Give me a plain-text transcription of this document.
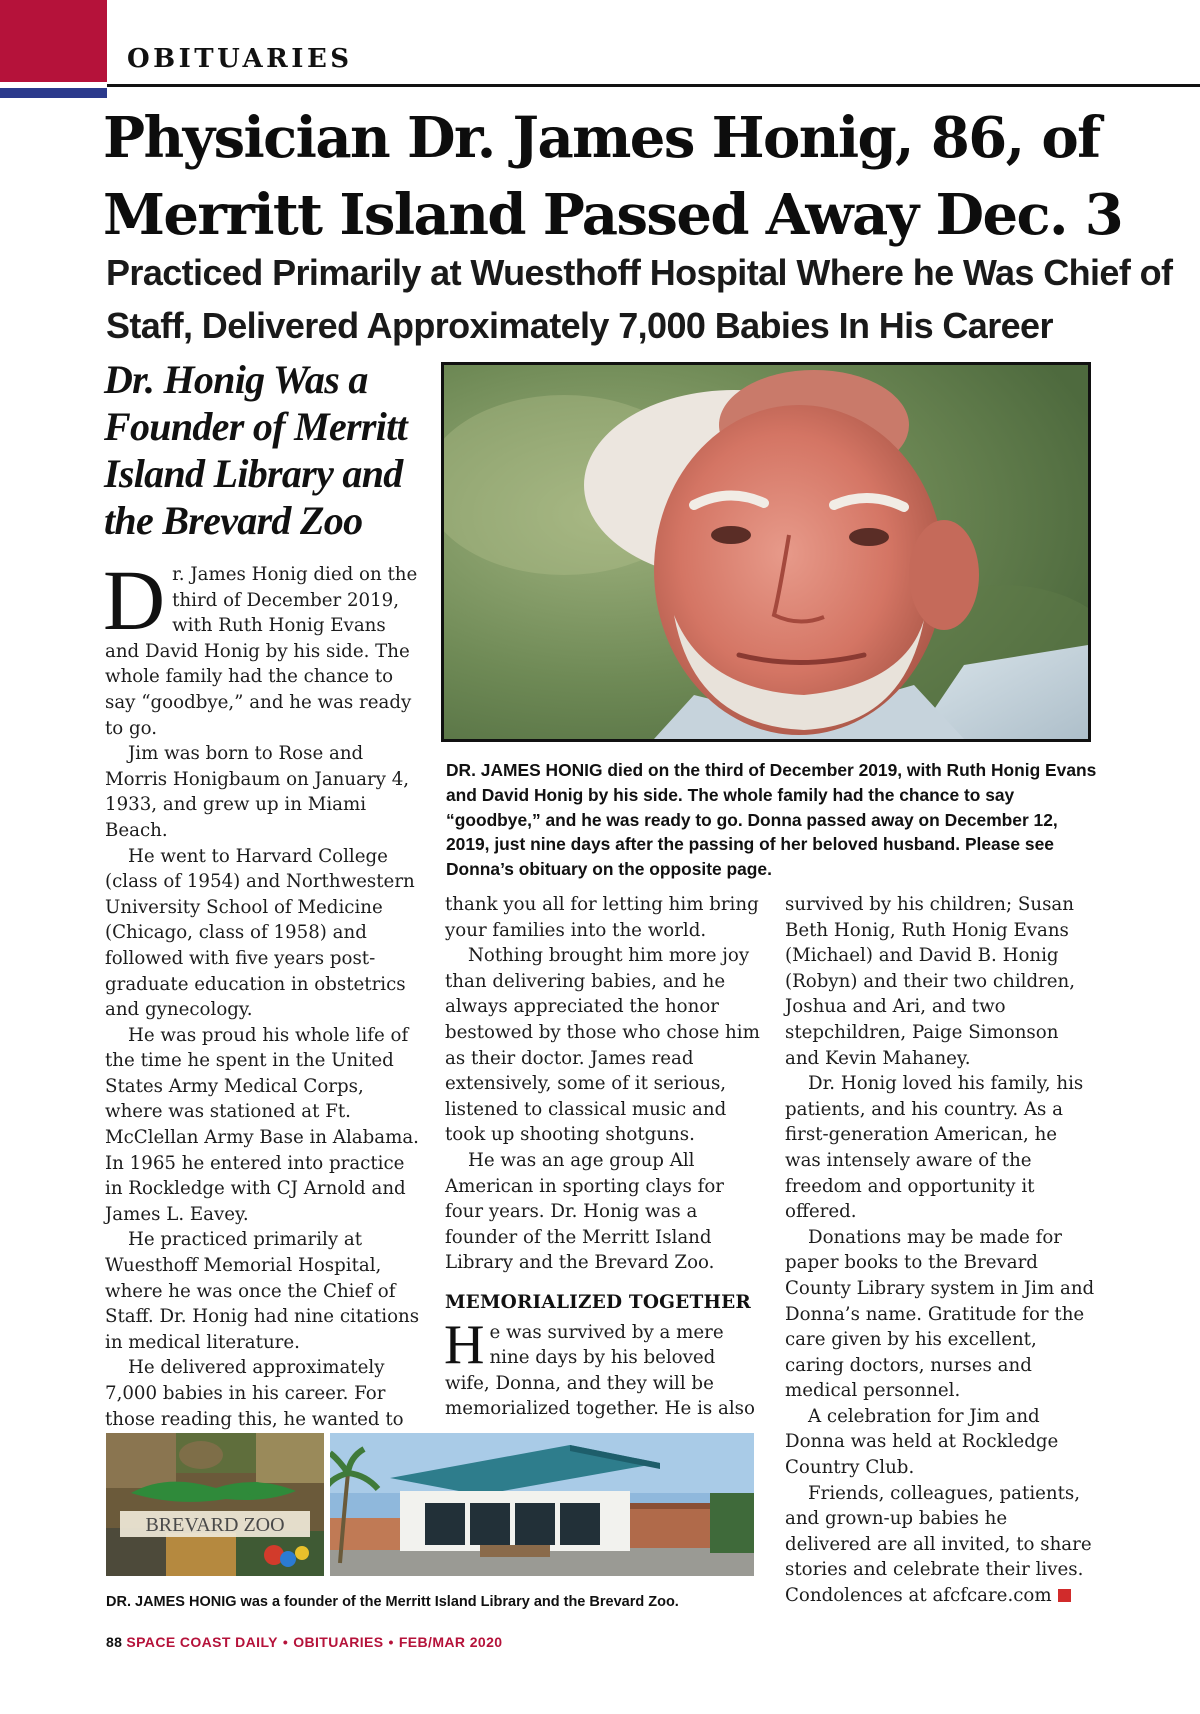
OBITUARIES
Physician Dr. James Honig, 86, of Merritt Island Passed Away Dec. 3
Practiced Primarily at Wuesthoff Hospital Where he Was Chief of Staff, Delivered Approximately 7,000 Babies In His Career
Dr. Honig Was a Founder of Merritt Island Library and the Brevard Zoo

Dr. James Honig died on the third of December 2019, with Ruth Honig Evans and David Honig by his side. The whole family had the chance to say “goodbye,” and he was ready to go.

Jim was born to Rose and Morris Honigbaum on January 4, 1933, and grew up in Miami Beach.

He went to Harvard College (class of 1954) and Northwestern University School of Medicine (Chicago, class of 1958) and followed with five years post-graduate education in obstetrics and gynecology.

He was proud his whole life of the time he spent in the United States Army Medical Corps, where was stationed at Ft. McClellan Army Base in Alabama. In 1965 he entered into practice in Rockledge with CJ Arnold and James L. Eavey.

He practiced primarily at Wuesthoff Memorial Hospital, where he was once the Chief of Staff. Dr. Honig had nine citations in medical literature.

He delivered approximately 7,000 babies in his career. For those reading this, he wanted to

DR. JAMES HONIG died on the third of December 2019, with Ruth Honig Evans and David Honig by his side. The whole family had the chance to say “goodbye,” and he was ready to go. Donna passed away on December 12, 2019, just nine days after the passing of her beloved husband. Please see Donna’s obituary on the opposite page.

thank you all for letting him bring your families into the world.

Nothing brought him more joy than delivering babies, and he always appreciated the honor bestowed by those who chose him as their doctor. James read extensively, some of it serious, listened to classical music and took up shooting shotguns.

He was an age group All American in sporting clays for four years. Dr. Honig was a founder of the Merritt Island Library and the Brevard Zoo.

MEMORIALIZED TOGETHER

He was survived by a mere nine days by his beloved wife, Donna, and they will be memorialized together. He is also

survived by his children; Susan Beth Honig, Ruth Honig Evans (Michael) and David B. Honig (Robyn) and their two children, Joshua and Ari, and two stepchildren, Paige Simonson and Kevin Mahaney.

Dr. Honig loved his family, his patients, and his country. As a first-generation American, he was intensely aware of the freedom and opportunity it offered.

Donations may be made for paper books to the Brevard County Library system in Jim and Donna’s name. Gratitude for the care given by his excellent, caring doctors, nurses and medical personnel.

A celebration for Jim and Donna was held at Rockledge Country Club.

Friends, colleagues, patients, and grown-up babies he delivered are all invited, to share stories and celebrate their lives. Condolences at afcfcare.com

BREVARD ZOO

DR. JAMES HONIG was a founder of the Merritt Island Library and the Brevard Zoo.

88 SPACE COAST DAILY • OBITUARIES • FEB/MAR 2020
